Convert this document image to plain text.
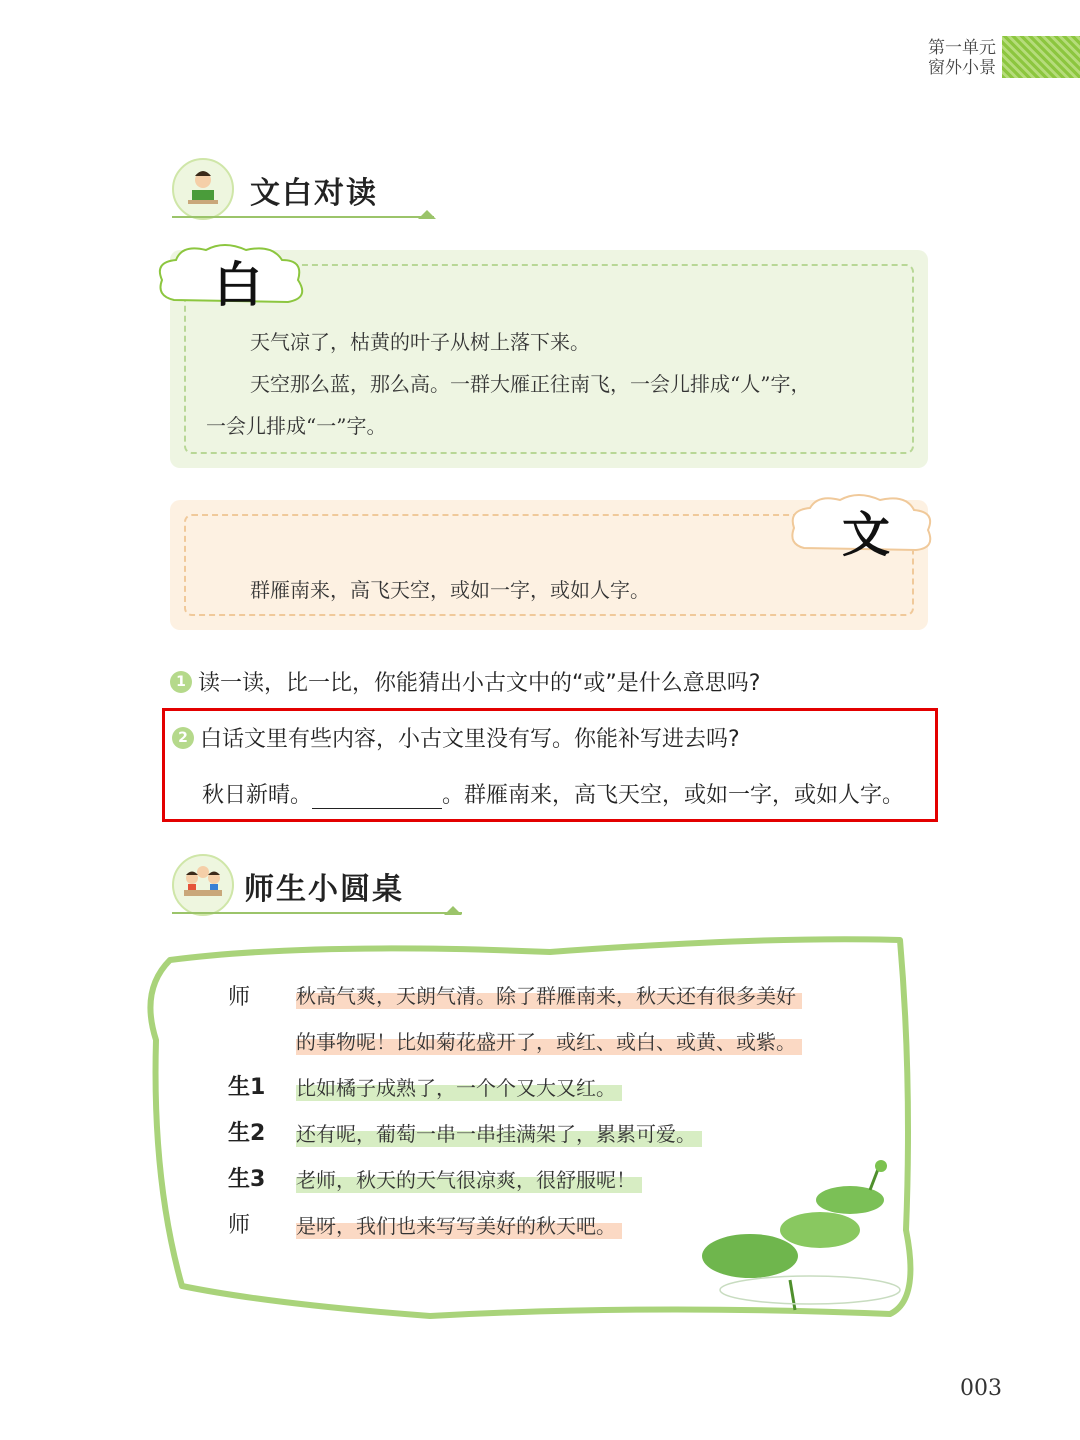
第一单元
窗外小景
文白对读
白
天气凉了，枯黄的叶子从树上落下来。
天空那么蓝，那么高。一群大雁正往南飞，一会儿排成“人”字，
一会儿排成“一”字。
文
群雁南来，高飞天空，或如一字，或如人字。
1 读一读，比一比，你能猜出小古文中的“或”是什么意思吗?
2 白话文里有些内容，小古文里没有写。你能补写进去吗?
秋日新晴。	。群雁南来，高飞天空，或如一字，或如人字。
师生小圆桌
师	秋高气爽，天朗气清。除了群雁南来，秋天还有很多美好
的事物呢！比如菊花盛开了，或红、或白、或黄、或紫。
生1	比如橘子成熟了，一个个又大又红。
生2	还有呢，葡萄一串一串挂满架了，累累可爱。
生3	老师，秋天的天气很凉爽，很舒服呢！
师	是呀，我们也来写写美好的秋天吧。
003
